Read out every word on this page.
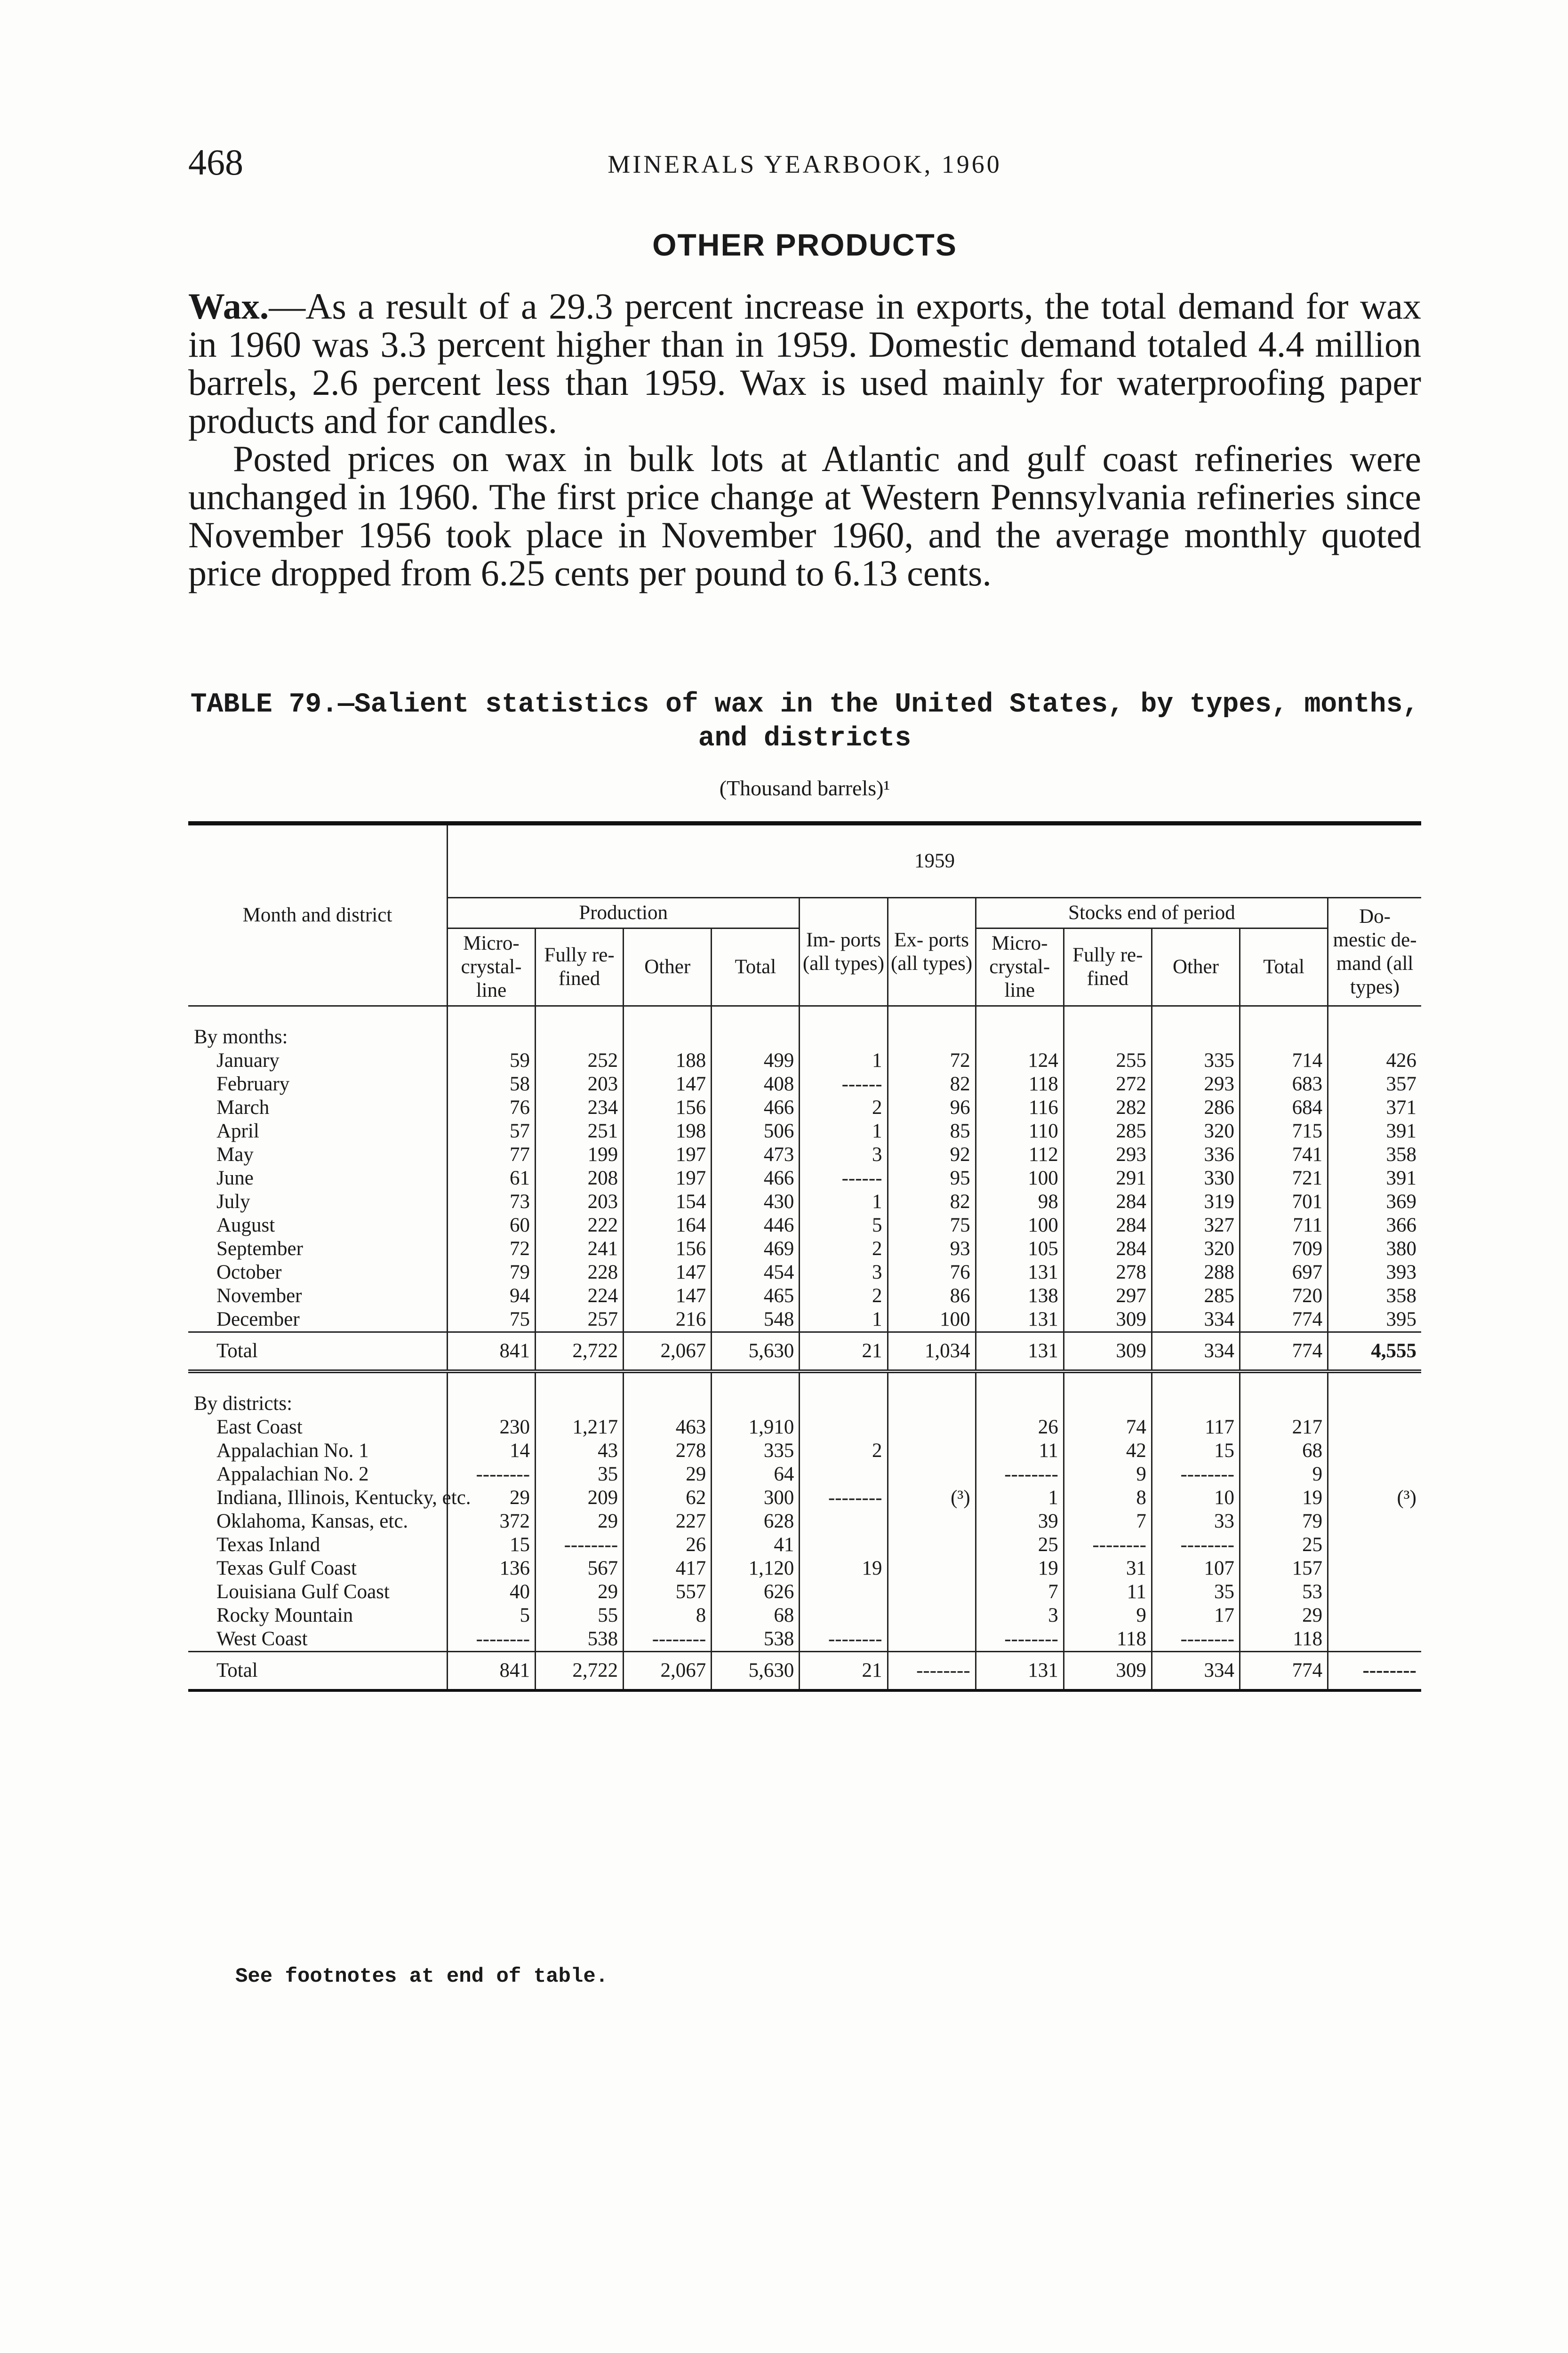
468	MINERALS YEARBOOK, 1960
OTHER PRODUCTS

Wax.—As a result of a 29.3 percent increase in exports, the total demand for wax in 1960 was 3.3 percent higher than in 1959. Domestic demand totaled 4.4 million barrels, 2.6 percent less than 1959. Wax is used mainly for waterproofing paper products and for candles.

Posted prices on wax in bulk lots at Atlantic and gulf coast refineries were unchanged in 1960. The first price change at Western Pennsylvania refineries since November 1956 took place in November 1960, and the average monthly quoted price dropped from 6.25 cents per pound to 6.13 cents.

TABLE 79.—Salient statistics of wax in the United States, by types, months, and districts
(Thousand barrels)¹
Month and district	1959										
	Production				Im- ports (all types)	Ex- ports (all types)	Stocks end of period				Do- mestic de- mand (all types)
	Micro- crystal- line	Fully re- fined	Other	Total			Micro- crystal- line	Fully re- fined	Other	Total	

By months:											
January	59	252	188	499	1	72	124	255	335	714	426
February	58	203	147	408	------	82	118	272	293	683	357
March	76	234	156	466	2	96	116	282	286	684	371
April	57	251	198	506	1	85	110	285	320	715	391
May	77	199	197	473	3	92	112	293	336	741	358
June	61	208	197	466	------	95	100	291	330	721	391
July	73	203	154	430	1	82	98	284	319	701	369
August	60	222	164	446	5	75	100	284	327	711	366
September	72	241	156	469	2	93	105	284	320	709	380
October	79	228	147	454	3	76	131	278	288	697	393
November	94	224	147	465	2	86	138	297	285	720	358
December	75	257	216	548	1	100	131	309	334	774	395
Total	841	2,722	2,067	5,630	21	1,034	131	309	334	774	4,555

By districts:											
East Coast	230	1,217	463	1,910			26	74	117	217	
Appalachian No. 1	14	43	278	335	2		11	42	15	68	
Appalachian No. 2	--------	35	29	64			--------	9	--------	9	
Indiana, Illinois, Kentucky, etc.	29	209	62	300	--------	(³)	1	8	10	19	(³)
Oklahoma, Kansas, etc.	372	29	227	628			39	7	33	79	
Texas Inland	15	--------	26	41			25	--------	--------	25	
Texas Gulf Coast	136	567	417	1,120	19		19	31	107	157	
Louisiana Gulf Coast	40	29	557	626			7	11	35	53	
Rocky Mountain	5	55	8	68			3	9	17	29	
West Coast	--------	538	--------	538	--------		--------	118	--------	118	
Total	841	2,722	2,067	5,630	21	--------	131	309	334	774	--------
See footnotes at end of table.
